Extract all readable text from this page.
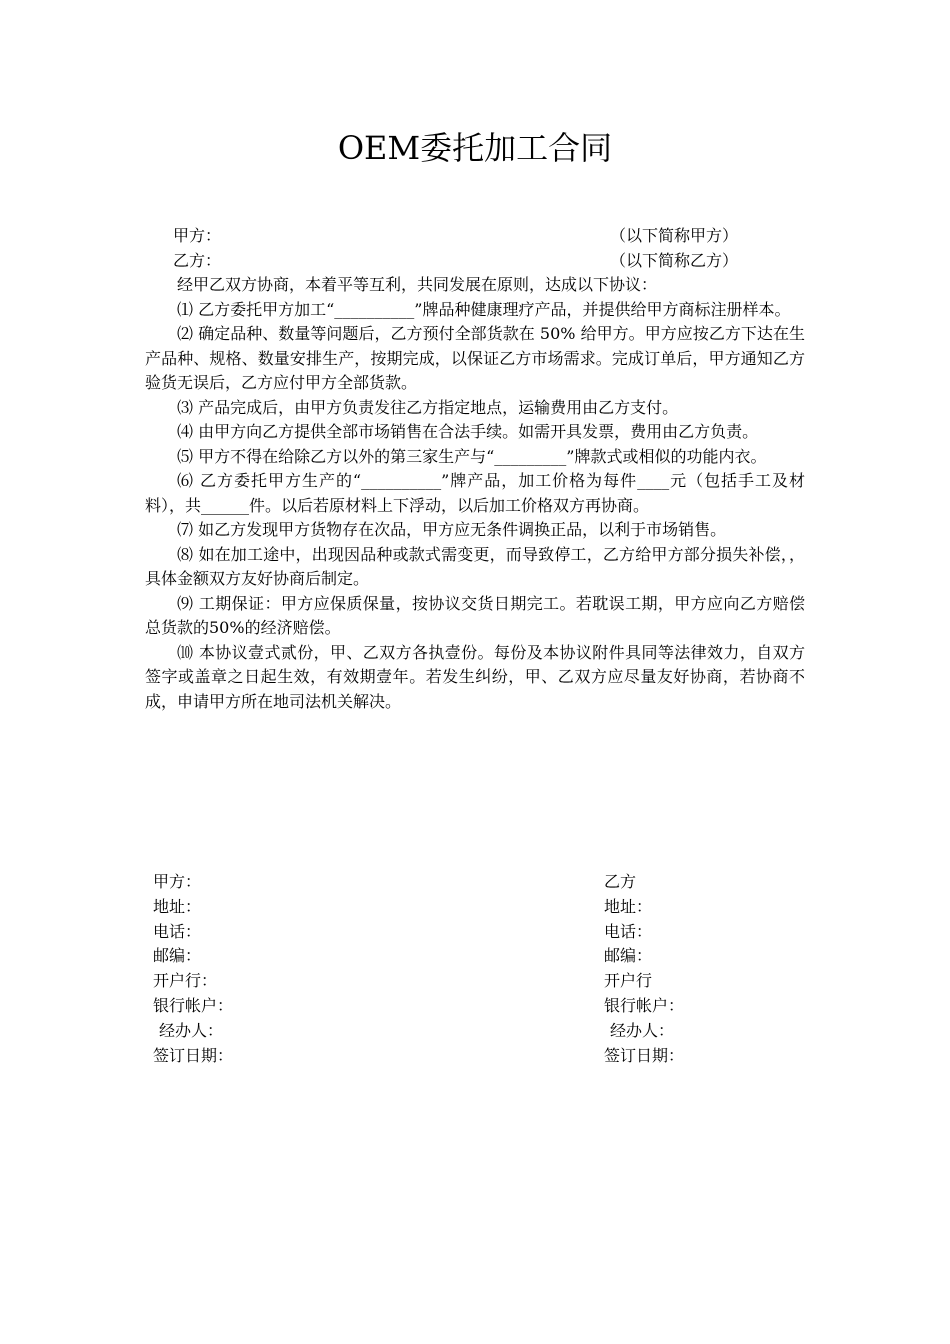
OEM委托加工合同
甲方：	（以下简称甲方）
乙方：	（以下简称乙方）

经甲乙双方协商，本着平等互利，共同发展在原则，达成以下协议：

⑴ 乙方委托甲方加工“__________”牌品种健康理疗产品，并提供给甲方商标注册样本。

⑵ 确定品种、数量等问题后，乙方预付全部货款在 50% 给甲方。甲方应按乙方下达在生产品种、规格、数量安排生产，按期完成，以保证乙方市场需求。完成订单后，甲方通知乙方验货无误后，乙方应付甲方全部货款。

⑶ 产品完成后，由甲方负责发往乙方指定地点，运输费用由乙方支付。

⑷ 由甲方向乙方提供全部市场销售在合法手续。如需开具发票，费用由乙方负责。

⑸ 甲方不得在给除乙方以外的第三家生产与“_________”牌款式或相似的功能内衣。

⑹ 乙方委托甲方生产的“__________”牌产品，加工价格为每件____元（包括手工及材料），共______件。以后若原材料上下浮动，以后加工价格双方再协商。

⑺ 如乙方发现甲方货物存在次品，甲方应无条件调换正品，以利于市场销售。

⑻ 如在加工途中，出现因品种或款式需变更，而导致停工，乙方给甲方部分损失补偿，，具体金额双方友好协商后制定。

⑼ 工期保证：甲方应保质保量，按协议交货日期完工。若耽误工期，甲方应向乙方赔偿总货款的50%的经济赔偿。

⑽ 本协议壹式贰份，甲、乙双方各执壹份。每份及本协议附件具同等法律效力，自双方签字或盖章之日起生效，有效期壹年。若发生纠纷，甲、乙双方应尽量友好协商，若协商不成，申请甲方所在地司法机关解决。

甲方：
地址：
电话：
邮编：
开户行：
银行帐户：
经办人：
签订日期：
乙方
地址：
电话：
邮编：
开户行
银行帐户：
经办人：
签订日期：
